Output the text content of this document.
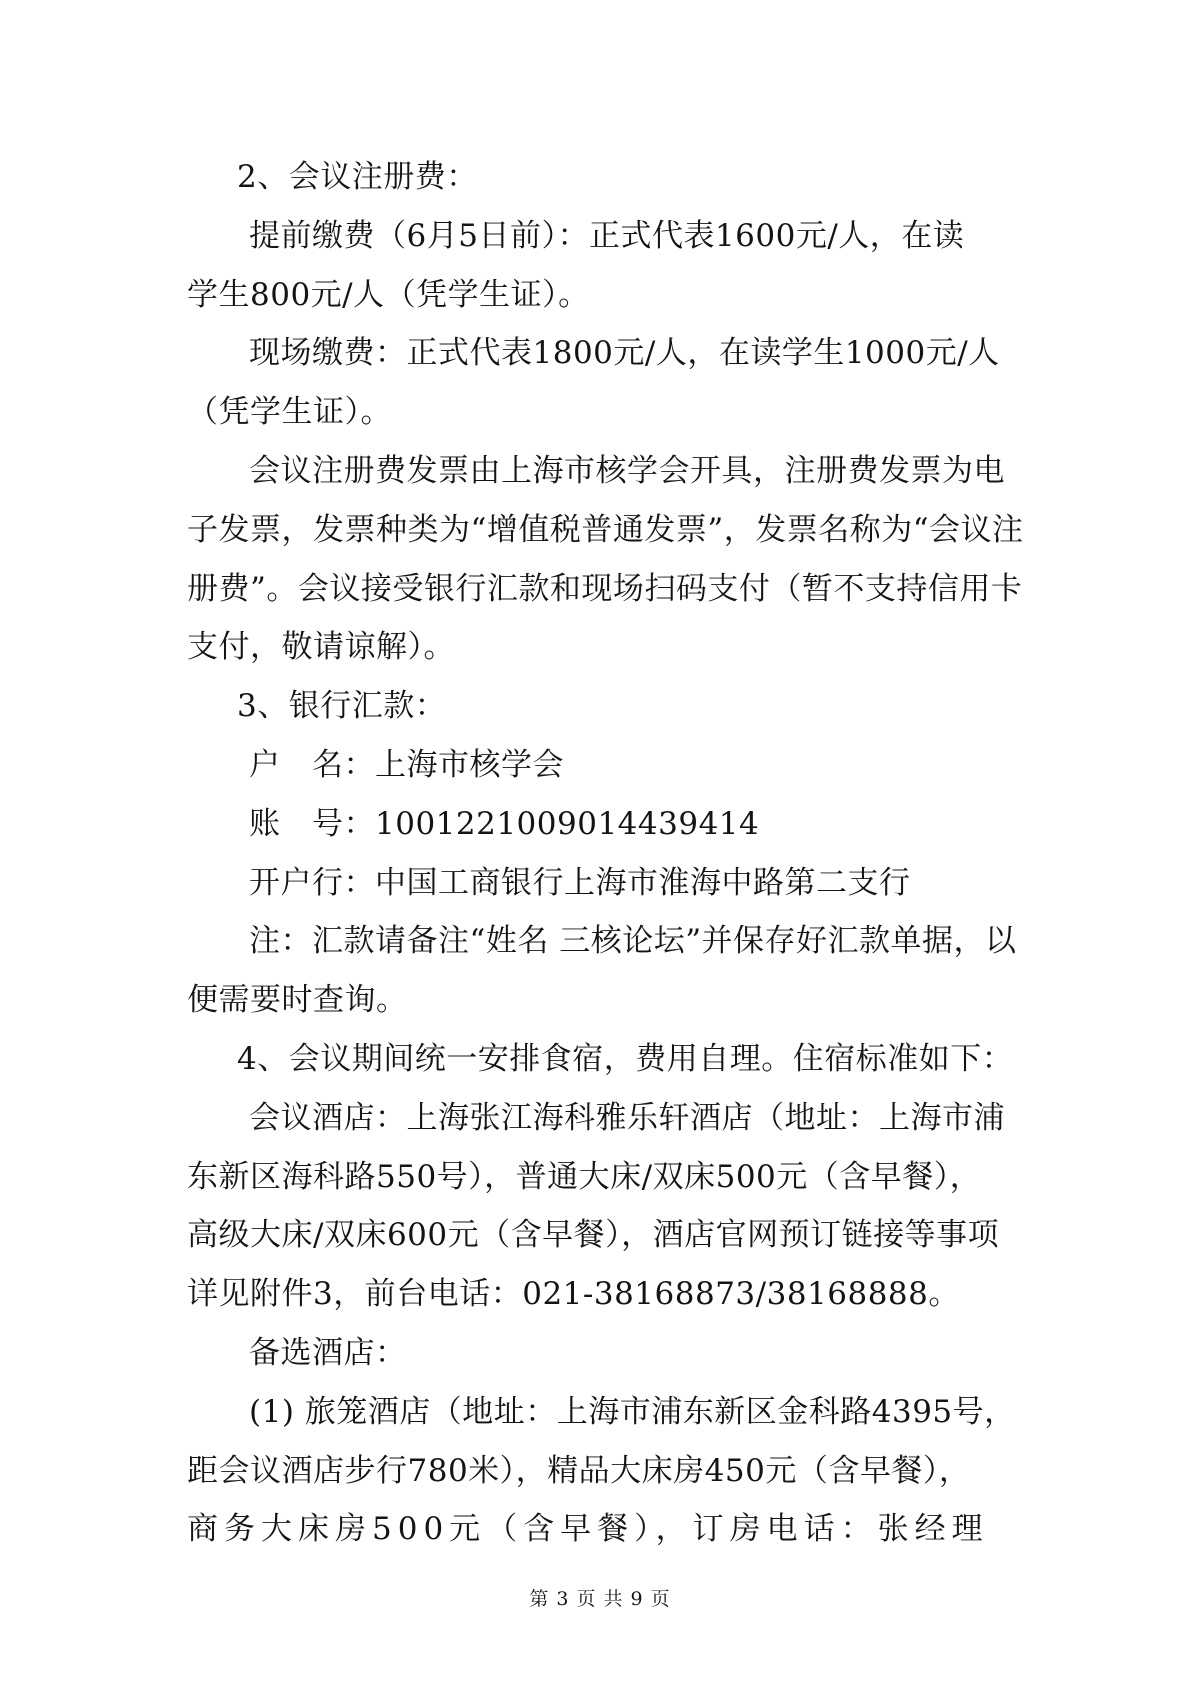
2、会议注册费：
提前缴费（6月5日前）：正式代表1600元/人，在读
学生800元/人（凭学生证）。
现场缴费：正式代表1800元/人，在读学生1000元/人
（凭学生证）。
会议注册费发票由上海市核学会开具，注册费发票为电
子发票，发票种类为“增值税普通发票”，发票名称为“会议注
册费”。会议接受银行汇款和现场扫码支付（暂不支持信用卡
支付，敬请谅解）。
3、银行汇款：
户　名：上海市核学会
账　号：1001221009014439414
开户行：中国工商银行上海市淮海中路第二支行
注：汇款请备注“姓名 三核论坛”并保存好汇款单据，以
便需要时查询。
4、会议期间统一安排食宿，费用自理。住宿标准如下：
会议酒店：上海张江海科雅乐轩酒店（地址：上海市浦
东新区海科路550号），普通大床/双床500元（含早餐），
高级大床/双床600元（含早餐），酒店官网预订链接等事项
详见附件3，前台电话：021-38168873/38168888。
备选酒店：
(1) 旅笼酒店（地址：上海市浦东新区金科路4395号，
距会议酒店步行780米），精品大床房450元（含早餐），
商务大床房500元（含早餐），订房电话：张经理
第 3 页 共 9 页
